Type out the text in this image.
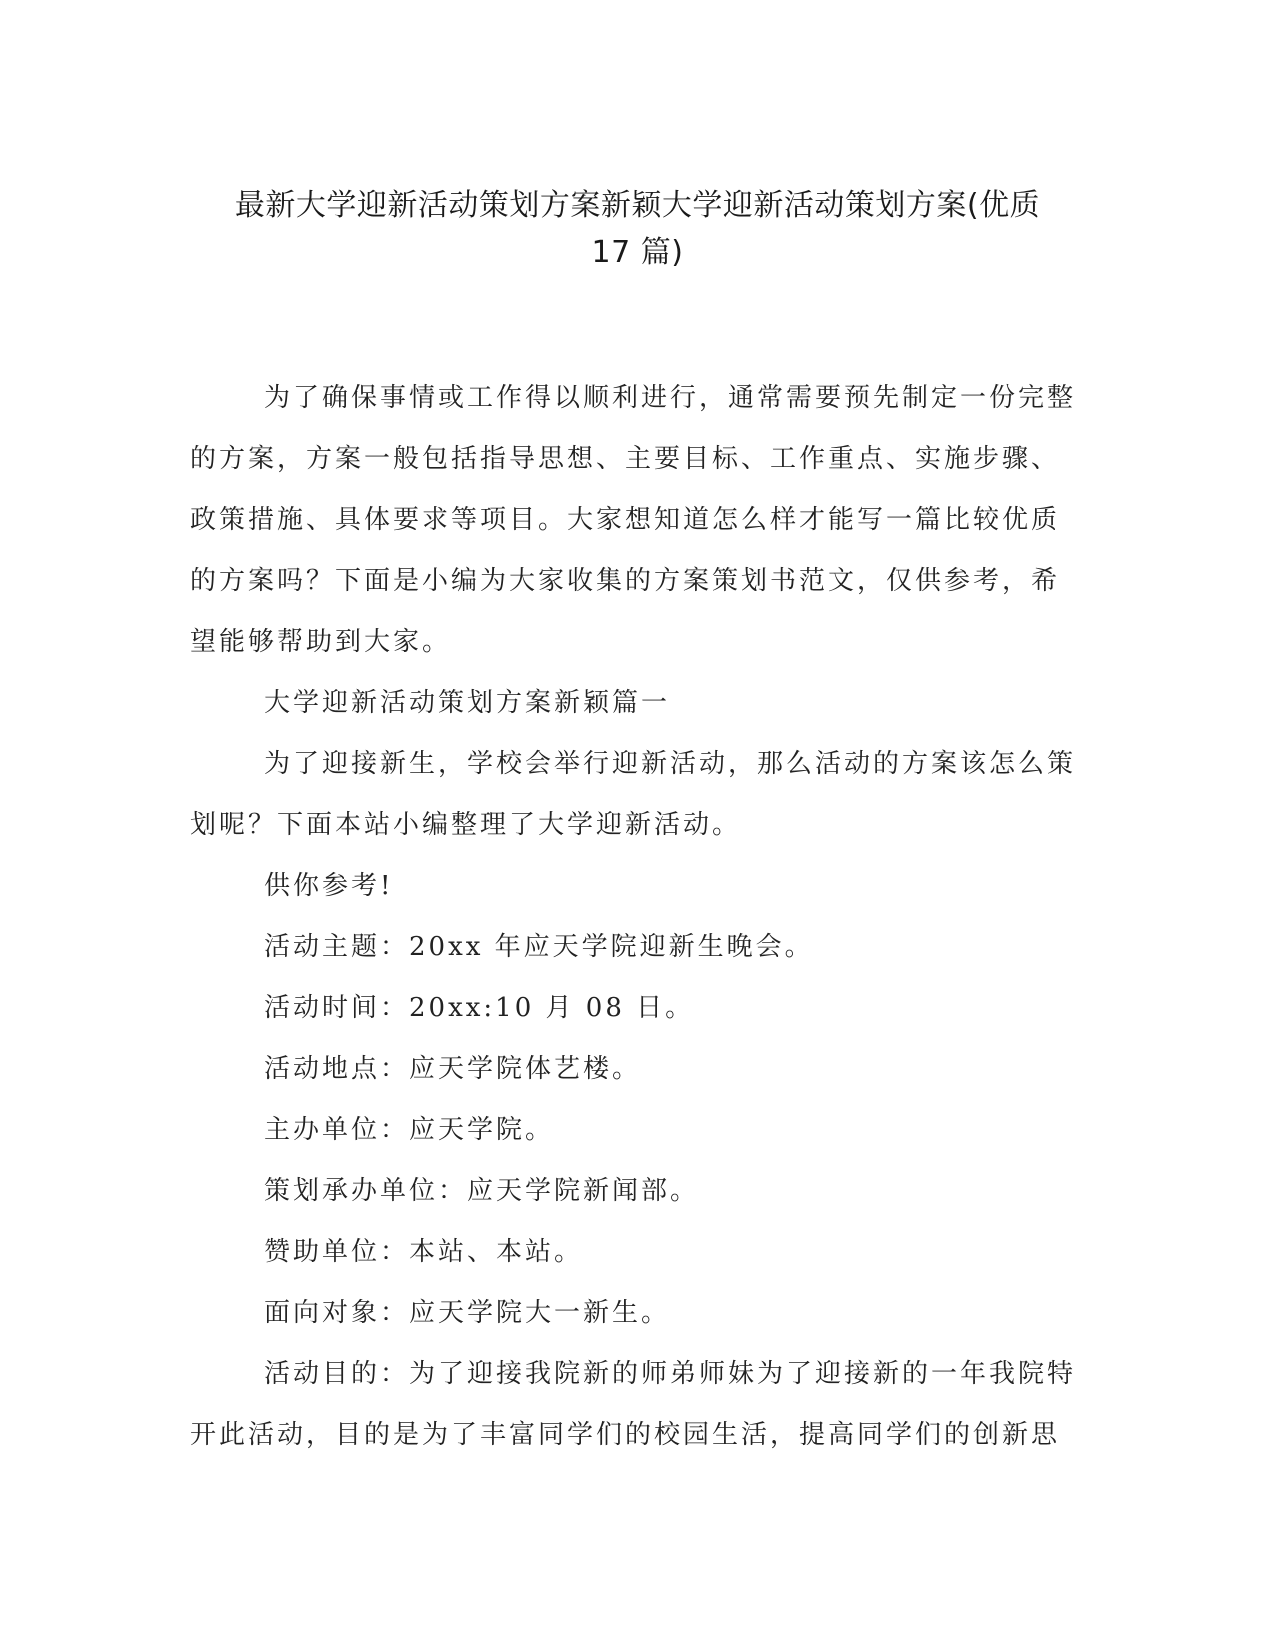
最新大学迎新活动策划方案新颖大学迎新活动策划方案(优质
17 篇)

为了确保事情或工作得以顺利进行，通常需要预先制定一份完整的方案，方案一般包括指导思想、主要目标、工作重点、实施步骤、政策措施、具体要求等项目。大家想知道怎么样才能写一篇比较优质的方案吗？下面是小编为大家收集的方案策划书范文，仅供参考，希望能够帮助到大家。

大学迎新活动策划方案新颖篇一

为了迎接新生，学校会举行迎新活动，那么活动的方案该怎么策划呢？下面本站小编整理了大学迎新活动。

供你参考!

活动主题：20xx 年应天学院迎新生晚会。

活动时间：20xx:10 月 08 日。

活动地点：应天学院体艺楼。

主办单位：应天学院。

策划承办单位：应天学院新闻部。

赞助单位：本站、本站。

面向对象：应天学院大一新生。

活动目的：为了迎接我院新的师弟师妹为了迎接新的一年我院特开此活动，目的是为了丰富同学们的校园生活，提高同学们的创新思
